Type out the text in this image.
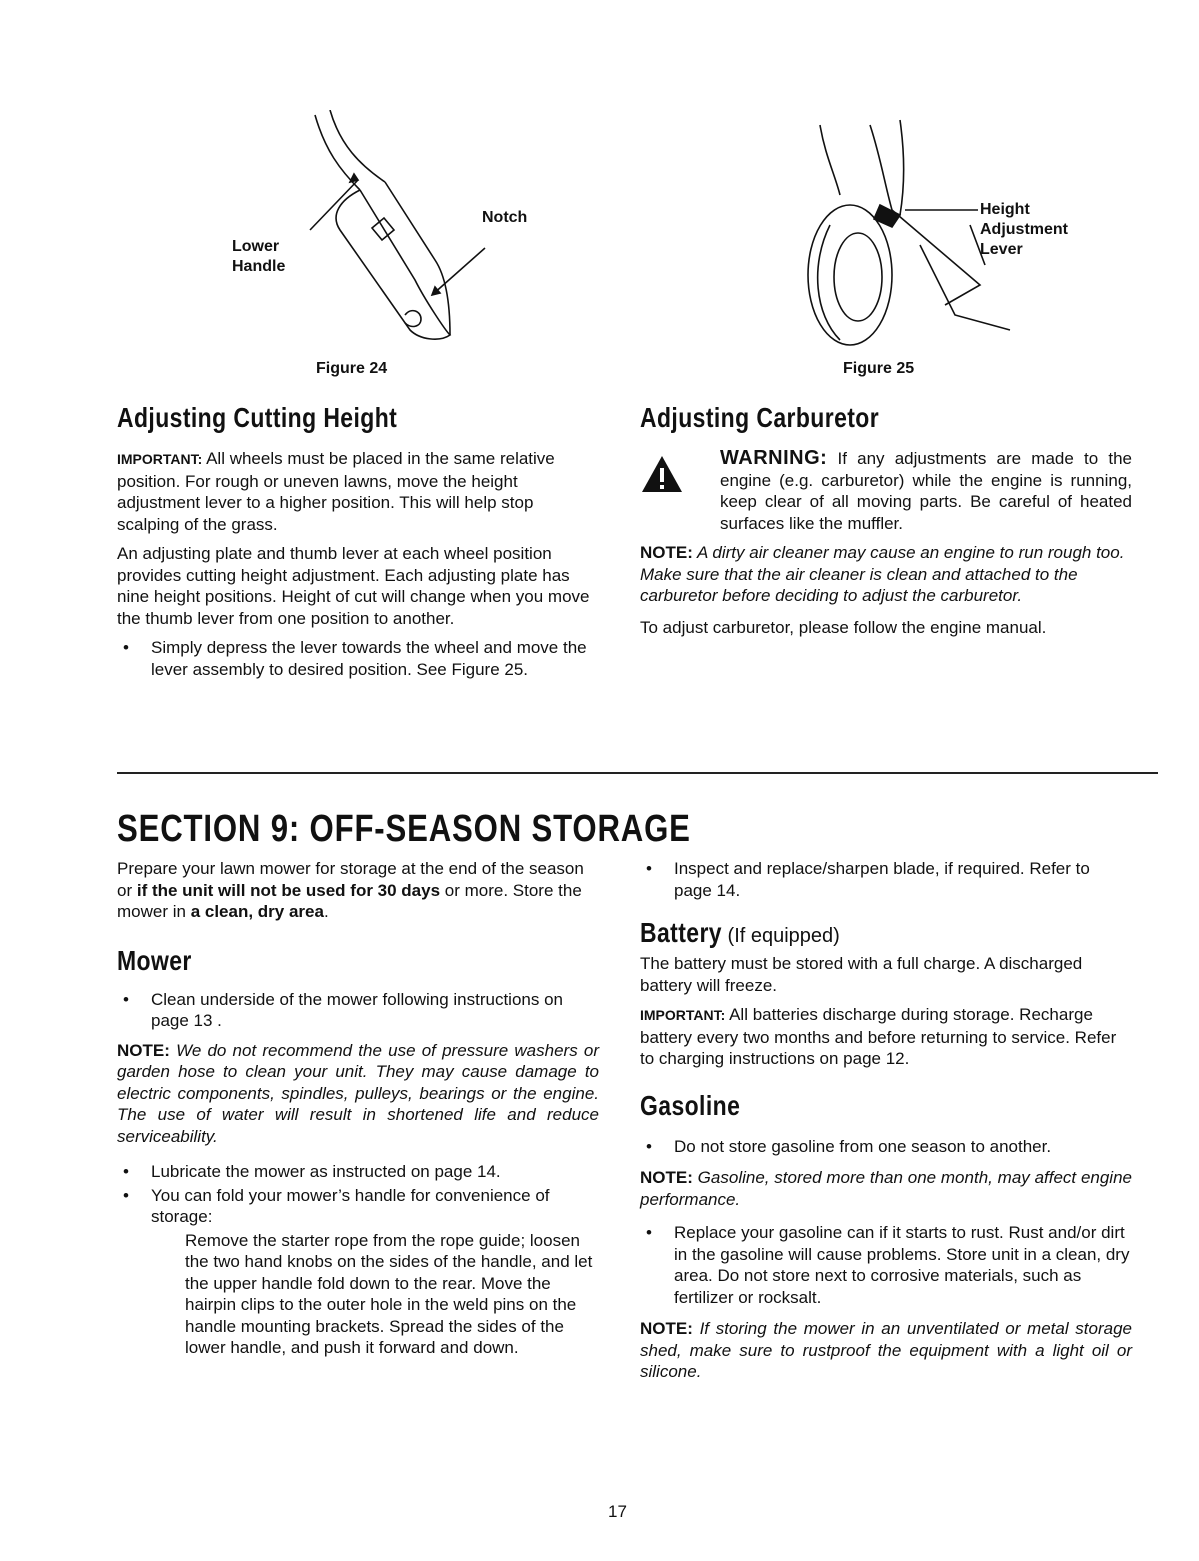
Lower
Handle
Notch
Figure 24
Height
Adjustment
Lever
Figure 25
Adjusting Cutting Height

IMPORTANT: All wheels must be placed in the same relative position. For rough or uneven lawns, move the height adjustment lever to a higher position. This will help stop scalping of the grass.

An adjusting plate and thumb lever at each wheel position provides cutting height adjustment. Each adjusting plate has nine height positions. Height of cut will change when you move the thumb lever from one position to another.

• Simply depress the lever towards the wheel and move the lever assembly to desired position. See Figure 25.

Adjusting Carburetor

WARNING: If any adjustments are made to the engine (e.g. carburetor) while the engine is running, keep clear of all moving parts. Be careful of heated surfaces like the muffler.

NOTE: A dirty air cleaner may cause an engine to run rough too. Make sure that the air cleaner is clean and attached to the carburetor before deciding to adjust the carburetor.

To adjust carburetor, please follow the engine manual.

SECTION 9: OFF-SEASON STORAGE

Prepare your lawn mower for storage at the end of the season or if the unit will not be used for 30 days or more. Store the mower in a clean, dry area.

Mower

• Clean underside of the mower following instructions on page 13 .

NOTE: We do not recommend the use of pressure washers or garden hose to clean your unit. They may cause damage to electric components, spindles, pulleys, bearings or the engine. The use of water will result in shortened life and reduce serviceability.

• Lubricate the mower as instructed on page 14.

• You can fold your mower’s handle for convenience of storage:

Remove the starter rope from the rope guide; loosen the two hand knobs on the sides of the handle, and let the upper handle fold down to the rear. Move the hairpin clips to the outer hole in the weld pins on the handle mounting brackets. Spread the sides of the lower handle, and push it forward and down.

• Inspect and replace/sharpen blade, if required. Refer to page 14.

Battery (If equipped)

The battery must be stored with a full charge. A discharged battery will freeze.

IMPORTANT: All batteries discharge during storage. Recharge battery every two months and before returning to service. Refer to charging instructions on page 12.

Gasoline

• Do not store gasoline from one season to another.

NOTE: Gasoline, stored more than one month, may affect engine performance.

• Replace your gasoline can if it starts to rust. Rust and/or dirt in the gasoline will cause problems. Store unit in a clean, dry area. Do not store next to corrosive materials, such as fertilizer or rocksalt.

NOTE: If storing the mower in an unventilated or metal storage shed, make sure to rustproof the equipment with a light oil or silicone.

17
